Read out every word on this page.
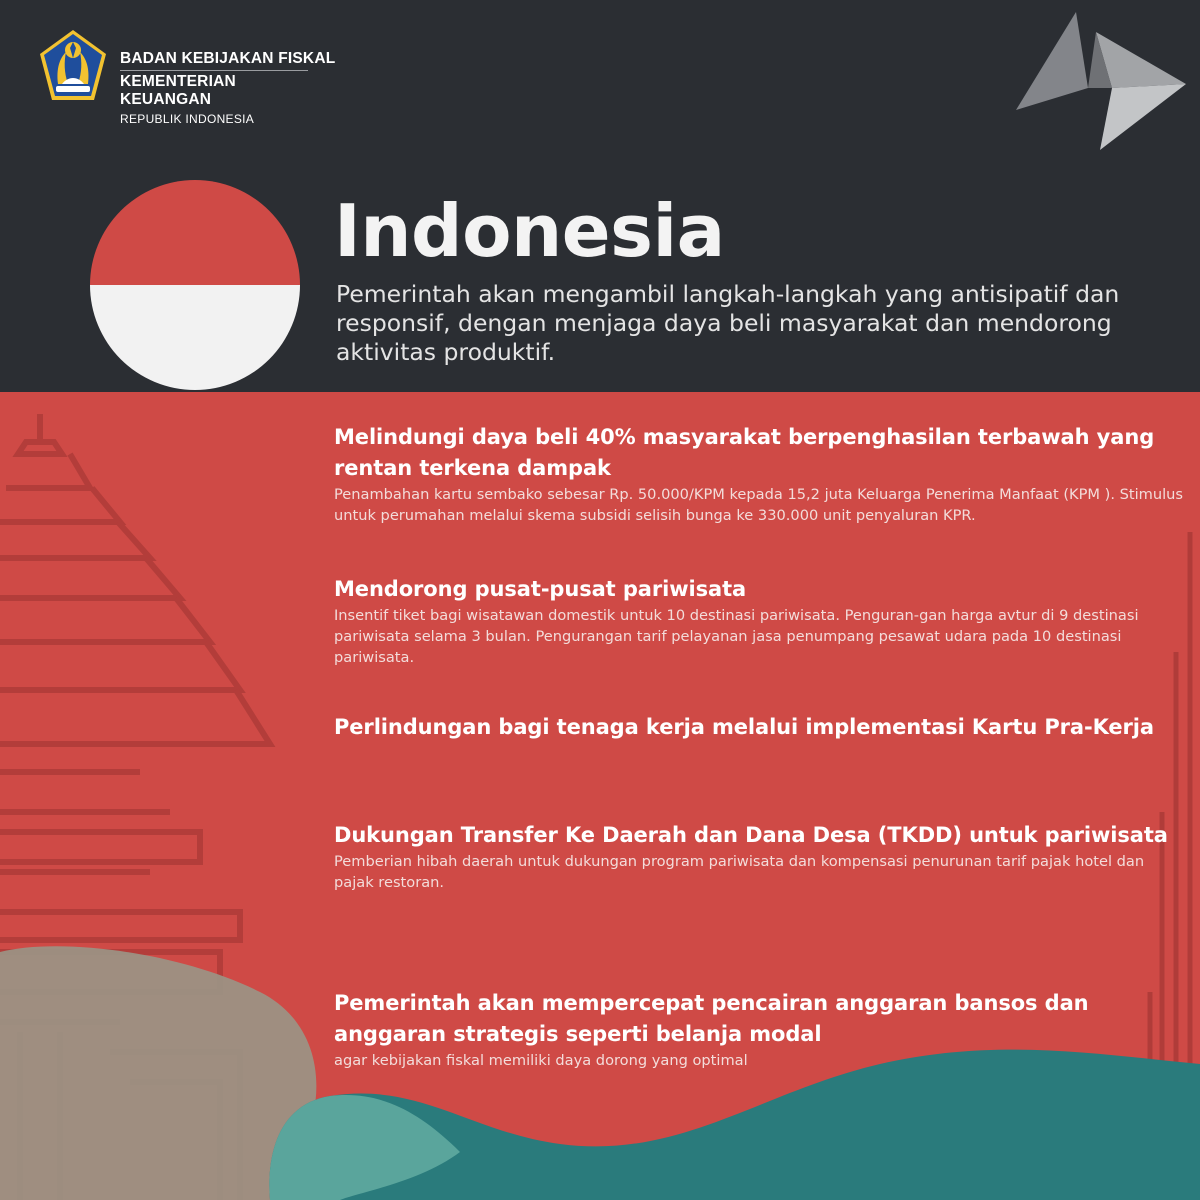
BADAN KEBIJAKAN FISKAL
KEMENTERIAN KEUANGAN
REPUBLIK INDONESIA
Indonesia

Pemerintah akan mengambil langkah-langkah yang antisipatif dan responsif, dengan menjaga daya beli masyarakat dan mendorong aktivitas produktif.

Melindungi daya beli 40% masyarakat berpenghasilan terbawah yang rentan terkena dampak

Penambahan kartu sembako sebesar Rp. 50.000/KPM kepada 15,2 juta Keluarga Penerima Manfaat (KPM ). Stimulus untuk perumahan melalui skema subsidi selisih bunga ke 330.000 unit penyaluran KPR.

Mendorong pusat-pusat pariwisata

Insentif tiket bagi wisatawan domestik untuk 10 destinasi pariwisata. Penguran-gan harga avtur di 9 destinasi pariwisata selama 3 bulan. Pengurangan tarif pelayanan jasa penumpang pesawat udara pada 10 destinasi pariwisata.

Perlindungan bagi tenaga kerja melalui implementasi Kartu Pra-Kerja
Dukungan Transfer Ke Daerah dan Dana Desa (TKDD) untuk pariwisata

Pemberian hibah daerah untuk dukungan program pariwisata dan kompensasi penurunan tarif pajak hotel dan pajak restoran.

Pemerintah akan mempercepat pencairan anggaran bansos dan anggaran strategis seperti belanja modal

agar kebijakan fiskal memiliki daya dorong yang optimal
